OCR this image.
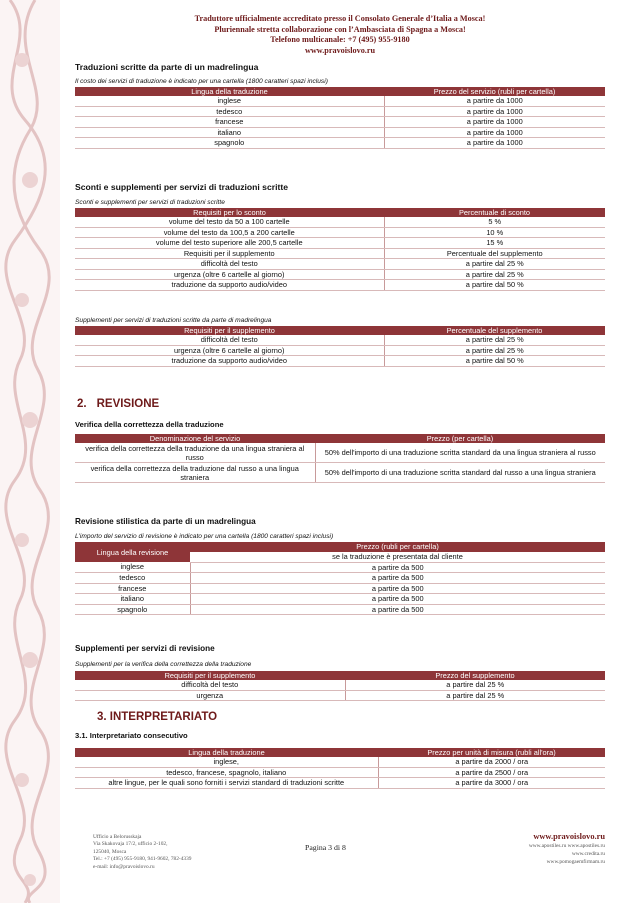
Traduttore ufficialmente accreditato presso il Consolato Generale d’Italia a Mosca!
Pluriennale stretta collaborazione con l’Ambasciata di Spagna a Mosca!
Telefono multicanale: +7 (495) 955-9180
www.pravoislovo.ru
Traduzioni scritte da parte di un madrelingua
Il costo dei servizi di traduzione è indicato per una cartella (1800 caratteri spazi inclusi)
Lingua della traduzione	Prezzo del servizio (rubli per cartella)
inglese	a partire da 1000
tedesco	a partire da 1000
francese	a partire da 1000
italiano	a partire da 1000
spagnolo	a partire da 1000
Sconti e supplementi per servizi di traduzioni scritte
Sconti e supplementi per servizi di traduzioni scritte
Requisiti per lo sconto	Percentuale di sconto
volume del testo da 50 a 100 cartelle	5 %
volume del testo da 100,5 a 200 cartelle	10 %
volume del testo superiore alle 200,5 cartelle	15 %
Requisiti per il supplemento	Percentuale del supplemento
difficoltà del testo	a partire dal 25 %
urgenza (oltre 6 cartelle al giorno)	a partire dal 25 %
traduzione da supporto audio/video	a partire dal 50 %
Supplementi per servizi di traduzioni scritte da parte di madrelingua
Requisiti per il supplemento	Percentuale del supplemento
difficoltà del testo	a partire dal 25 %
urgenza (oltre 6 cartelle al giorno)	a partire dal 25 %
traduzione da supporto audio/video	a partire dal 50 %
2. REVISIONE
Verifica della correttezza della traduzione
Denominazione del servizio	Prezzo (per cartella)
verifica della correttezza della traduzione da una lingua straniera al russo	50% dell'importo di una traduzione scritta standard da una lingua straniera al russo
verifica della correttezza della traduzione dal russo a una lingua straniera	50% dell'importo di una traduzione scritta standard dal russo a una lingua straniera
Revisione stilistica da parte di un madrelingua
L'importo del servizio di revisione è indicato per una cartella (1800 caratteri spazi inclusi)
Lingua della revisione	Prezzo (rubli per cartella)
	se la traduzione è presentata dal cliente
inglese	a partire da 500
tedesco	a partire da 500
francese	a partire da 500
italiano	a partire da 500
spagnolo	a partire da 500
Supplementi per servizi di revisione
Supplementi per la verifica della correttezza della traduzione
Requisiti per il supplemento	Prezzo del supplemento
difficoltà del testo	a partire dal 25 %
urgenza	a partire dal 25 %
3. INTERPRETARIATO
3.1. Interpretariato consecutivo
Lingua della traduzione	Prezzo per unità di misura (rubli all'ora)
inglese,	a partire da 2000 / ora
tedesco, francese, spagnolo, italiano	a partire da 2500 / ora
altre lingue, per le quali sono forniti i servizi standard di traduzioni scritte	a partire da 3000 / ora
Ufficio a Belorusskaja
Via Skakovaja 17/2, ufficio 2-102,
125040, Mosca
Tel.: +7 (495) 955-9180, 941-9602, 782-4339
e-mail: info@pravoislovo.ru
Pagina 3 di 8
www.pravoislovo.ru
www.apostiles.ru www.apostiles.ru
www.credita.ru
www.pomogaemfirmam.ru
